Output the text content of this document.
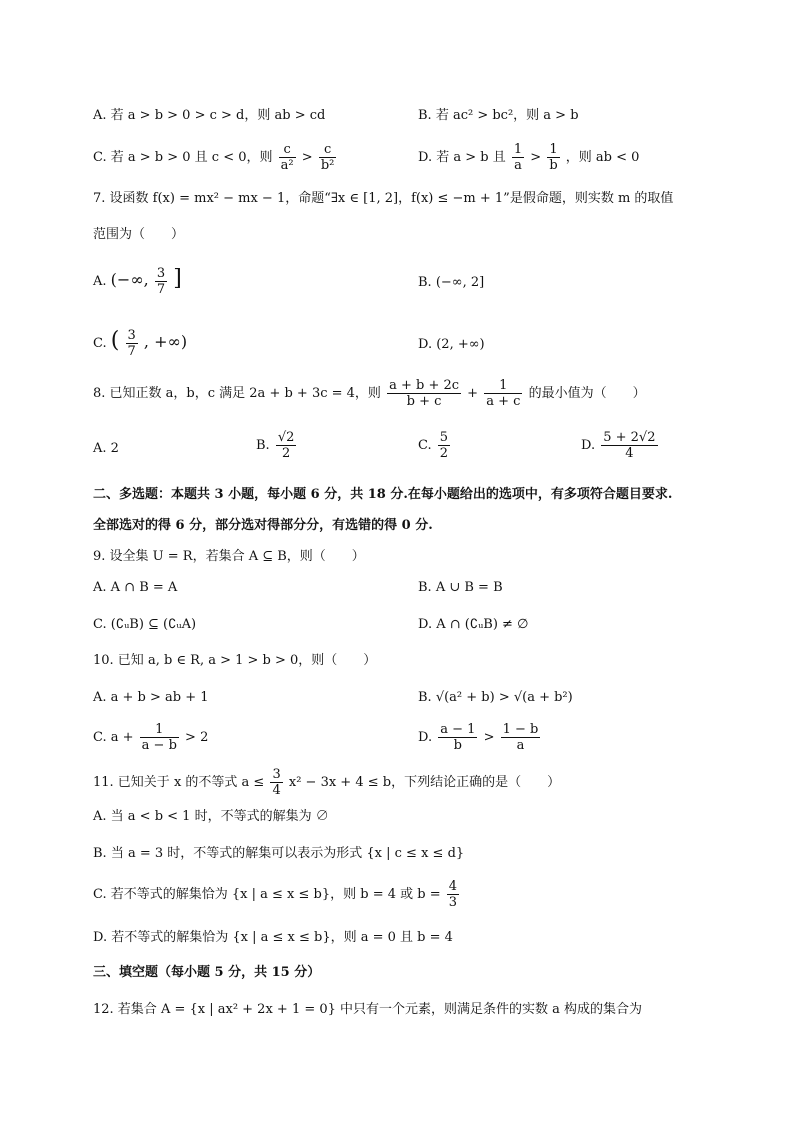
A. 若 a > b > 0 > c > d，则 ab > cd	B. 若 ac² > bc²，则 a > b
C. 若 a > b > 0 且 c < 0，则 $\frac{c}{\text{a²}} > \frac{c}{\text{b²}}$	D. 若 a > b 且 $\frac{1}{a} > \frac{1}{b}$ ，则 ab < 0
7. 设函数 f(x) = mx² − mx − 1，命题“∃x ∈ [1, 2]，f(x) ≤ −m + 1”是假命题，则实数 m 的取值
范围为（　　）
A. (−∞, $\frac{3}{7}$ ]	B. (−∞, 2]
C. ( $\frac{3}{7}$ , +∞)	D. (2, +∞)
8. 已知正数 a，b，c 满足 2a + b + 3c = 4，则 $\frac{a + b + 2c}{b + c} + \frac{1}{a + c}$ 的最小值为（　　）
A. 2	B. $\frac{√2}{2}$	C. $\frac{5}{2}$	D. $\frac{5 + 2√2}{4}$
二、多选题：本题共 3 小题，每小题 6 分，共 18 分.在每小题给出的选项中，有多项符合题目要求.
全部选对的得 6 分，部分选对得部分分，有选错的得 0 分.
9. 设全集 U = R，若集合 A ⊆ B，则（　　）
A. A ∩ B = A	B. A ∪ B = B
C. (∁ᵤB) ⊆ (∁ᵤA)	D. A ∩ (∁ᵤB) ≠ ∅
10. 已知 a, b ∈ R, a > 1 > b > 0，则（　　）
A. a + b > ab + 1	B. √(a² + b) > √(a + b²)
C. $a + \frac{1}{a - b} > 2$	D. $\frac{a - 1}{b} > \frac{1 - b}{a}$
11. 已知关于 x 的不等式 $a \le \frac{3}{4} x^2 - 3x + 4 \le b$，下列结论正确的是（　　）
A. 当 a < b < 1 时，不等式的解集为 ∅
B. 当 a = 3 时，不等式的解集可以表示为形式 {x | c ≤ x ≤ d}
C. 若不等式的解集恰为 {x | a ≤ x ≤ b}，则 b = 4 或 $b = \frac{4}{3}$
D. 若不等式的解集恰为 {x | a ≤ x ≤ b}，则 a = 0 且 b = 4
三、填空题（每小题 5 分，共 15 分）
12. 若集合 A = {x | ax² + 2x + 1 = 0} 中只有一个元素，则满足条件的实数 a 构成的集合为
